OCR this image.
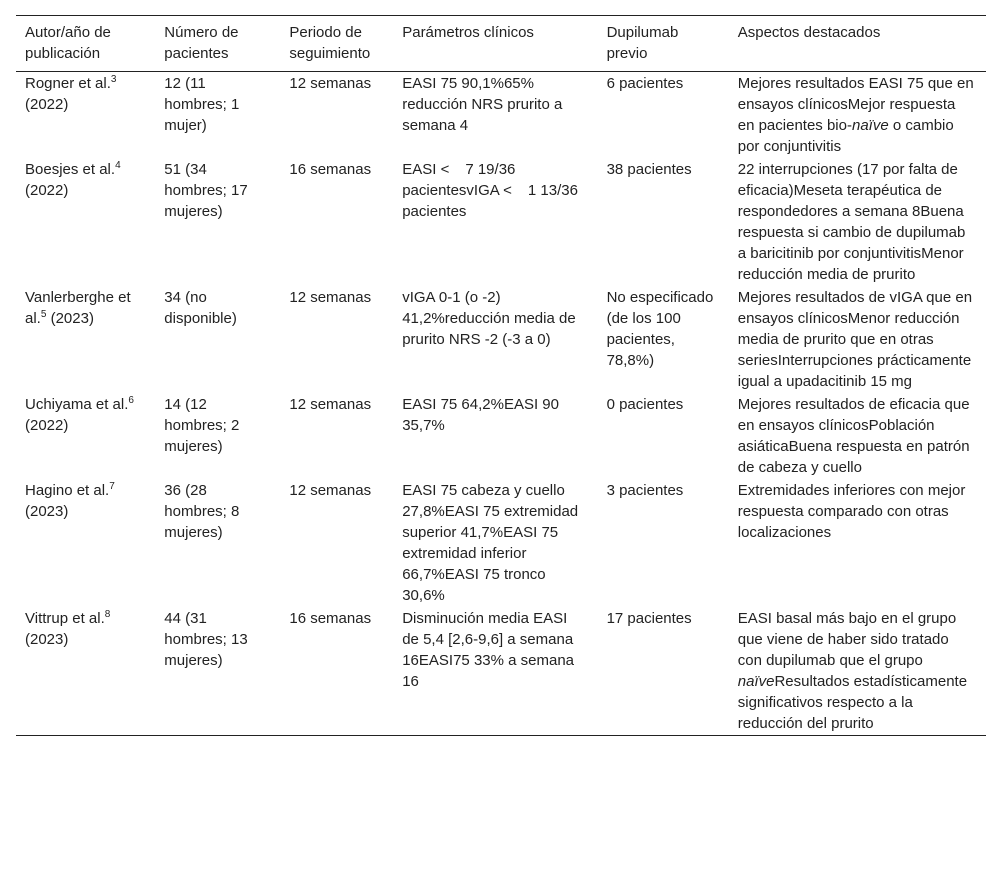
Autor/año de publicación	Número de pacientes	Periodo de seguimiento	Parámetros clínicos	Dupilumab previo	Aspectos destacados
Rogner et al.$^3$ (2022)	12 (11 hombres; 1 mujer)	12 semanas	EASI 75 90,1%65% reducción NRS prurito a semana 4	6 pacientes	Mejores resultados EASI 75 que en ensayos clínicosMejor respuesta en pacientes bio-naïve o cambio por conjuntivitis
Boesjes et al.$^4$ (2022)	51 (34 hombres; 17 mujeres)	16 semanas	EASI < 7 19/36 pacientesvIGA < 1 13/36 pacientes	38 pacientes	22 interrupciones (17 por falta de eficacia)Meseta terapéutica de respondedores a semana 8Buena respuesta si cambio de dupilumab a baricitinib por conjuntivitisMenor reducción media de prurito
Vanlerberghe et al.$^5$ (2023)	34 (no disponible)	12 semanas	vIGA 0-1 (o -2) 41,2%reducción media de prurito NRS -2 (-3 a 0)	No especificado (de los 100 pacientes, 78,8%)	Mejores resultados de vIGA que en ensayos clínicosMenor reducción media de prurito que en otras seriesInterrupciones prácticamente igual a upadacitinib 15 mg
Uchiyama et al.$^6$ (2022)	14 (12 hombres; 2 mujeres)	12 semanas	EASI 75 64,2%EASI 90 35,7%	0 pacientes	Mejores resultados de eficacia que en ensayos clínicosPoblación asiáticaBuena respuesta en patrón de cabeza y cuello
Hagino et al.$^7$ (2023)	36 (28 hombres; 8 mujeres)	12 semanas	EASI 75 cabeza y cuello 27,8%EASI 75 extremidad superior 41,7%EASI 75 extremidad inferior 66,7%EASI 75 tronco 30,6%	3 pacientes	Extremidades inferiores con mejor respuesta comparado con otras localizaciones
Vittrup et al.$^8$ (2023)	44 (31 hombres; 13 mujeres)	16 semanas	Disminución media EASI de 5,4 [2,6-9,6] a semana 16EASI75 33% a semana 16	17 pacientes	EASI basal más bajo en el grupo que viene de haber sido tratado con dupilumab que el grupo naïveResultados estadísticamente significativos respecto a la reducción del prurito
